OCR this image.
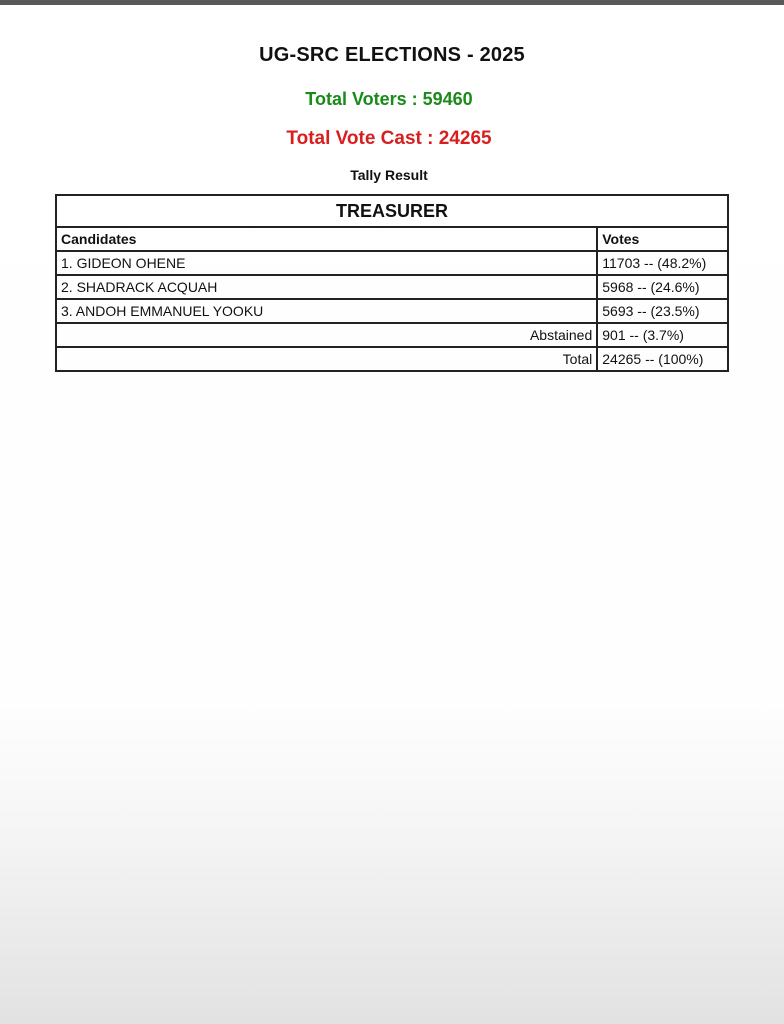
UG-SRC ELECTIONS - 2025
Total Voters : 59460
Total Vote Cast : 24265
Tally Result
TREASURER	
Candidates	Votes
1. GIDEON OHENE	11703 -- (48.2%)
2. SHADRACK ACQUAH	5968 -- (24.6%)
3. ANDOH EMMANUEL YOOKU	5693 -- (23.5%)
Abstained	901 -- (3.7%)
Total	24265 -- (100%)
